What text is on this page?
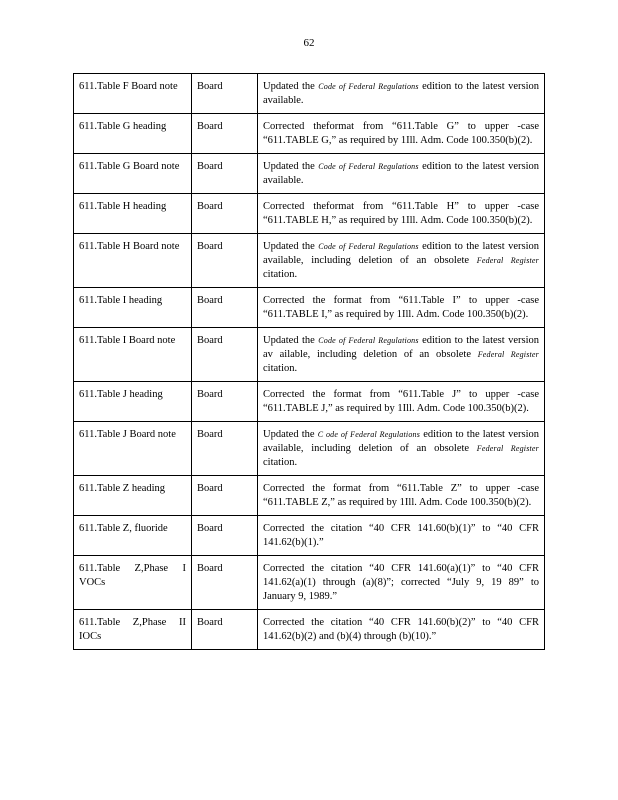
62
611.Table F Board note	Board	Updated the Code of Federal Regulations edition to the latest version available.
611.Table G heading	Board	Corrected theformat from “611.Table G” to upper -case “611.TABLE G,” as required by 1Ill. Adm. Code 100.350(b)(2).
611.Table G Board note	Board	Updated the Code of Federal Regulations edition to the latest version available.
611.Table H heading	Board	Corrected theformat from “611.Table H” to upper -case “611.TABLE H,” as required by 1Ill. Adm. Code 100.350(b)(2).
611.Table H Board note	Board	Updated the Code of Federal Regulations edition to the latest version available, including deletion of an obsolete Federal Register citation.
611.Table I heading	Board	Corrected the format from “611.Table I” to upper -case “611.TABLE I,” as required by 1Ill. Adm. Code 100.350(b)(2).
611.Table I Board note	Board	Updated the Code of Federal Regulations edition to the latest version av ailable, including deletion of an obsolete Federal Register citation.
611.Table J heading	Board	Corrected the format from “611.Table J” to upper -case “611.TABLE J,” as required by 1Ill. Adm. Code 100.350(b)(2).
611.Table J Board note	Board	Updated the C ode of Federal Regulations edition to the latest version available, including deletion of an obsolete Federal Register citation.
611.Table Z heading	Board	Corrected the format from “611.Table Z” to upper -case “611.TABLE Z,” as required by 1Ill. Adm. Code 100.350(b)(2).
611.Table Z, fluoride	Board	Corrected the citation “40 CFR 141.60(b)(1)” to “40 CFR 141.62(b)(1).”
611.Table Z,Phase I VOCs	Board	Corrected the citation “40 CFR 141.60(a)(1)” to “40 CFR 141.62(a)(1) through (a)(8)”; corrected “July 9, 19 89” to January 9, 1989.”
611.Table Z,Phase II IOCs	Board	Corrected the citation “40 CFR 141.60(b)(2)” to “40 CFR 141.62(b)(2) and (b)(4) through (b)(10).”
